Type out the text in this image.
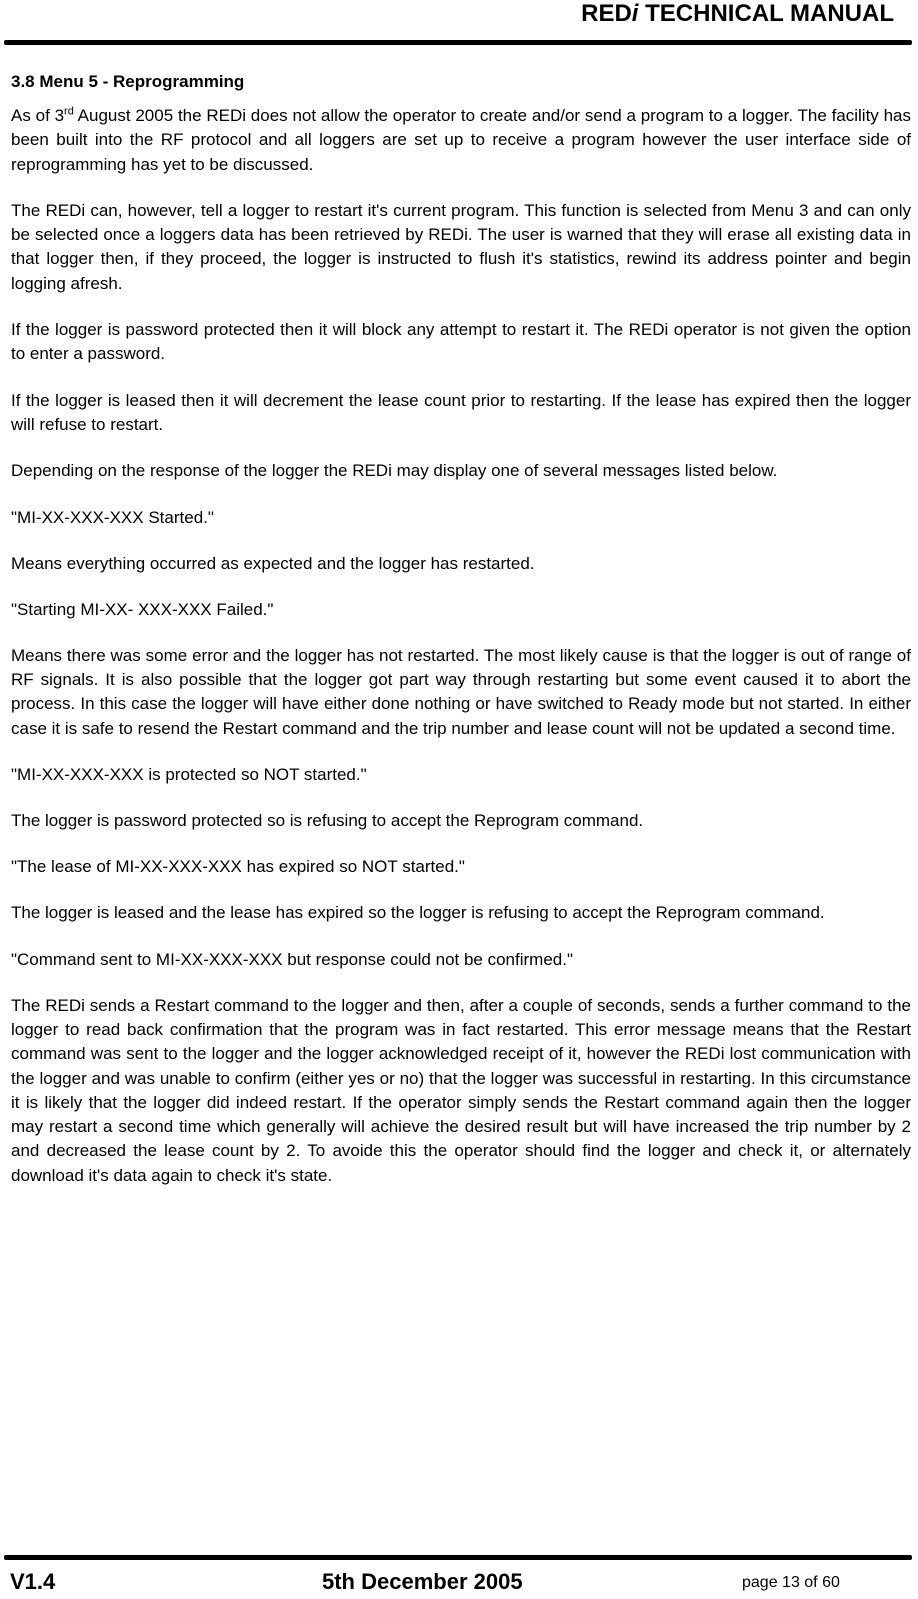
REDi TECHNICAL MANUAL
3.8 Menu 5 - Reprogramming

As of 3rd August 2005 the REDi does not allow the operator to create and/or send a program to a logger. The facility has been built into the RF protocol and all loggers are set up to receive a program however the user interface side of reprogramming has yet to be discussed.

The REDi can, however, tell a logger to restart it's current program. This function is selected from Menu 3 and can only be selected once a loggers data has been retrieved by REDi. The user is warned that they will erase all existing data in that logger then, if they proceed, the logger is instructed to flush it's statistics, rewind its address pointer and begin logging afresh.

If the logger is password protected then it will block any attempt to restart it. The REDi operator is not given the option to enter a password.

If the logger is leased then it will decrement the lease count prior to restarting. If the lease has expired then the logger will refuse to restart.

Depending on the response of the logger the REDi may display one of several messages listed below.

"MI-XX-XXX-XXX Started."

Means everything occurred as expected and the logger has restarted.

"Starting MI-XX- XXX-XXX Failed."

Means there was some error and the logger has not restarted. The most likely cause is that the logger is out of range of RF signals. It is also possible that the logger got part way through restarting but some event caused it to abort the process. In this case the logger will have either done nothing or have switched to Ready mode but not started. In either case it is safe to resend the Restart command and the trip number and lease count will not be updated a second time.

"MI-XX-XXX-XXX is protected so NOT started."

The logger is password protected so is refusing to accept the Reprogram command.

"The lease of MI-XX-XXX-XXX has expired so NOT started."

The logger is leased and the lease has expired so the logger is refusing to accept the Reprogram command.

"Command sent to MI-XX-XXX-XXX but response could not be confirmed."

The REDi sends a Restart command to the logger and then, after a couple of seconds, sends a further command to the logger to read back confirmation that the program was in fact restarted. This error message means that the Restart command was sent to the logger and the logger acknowledged receipt of it, however the REDi lost communication with the logger and was unable to confirm (either yes or no) that the logger was successful in restarting. In this circumstance it is likely that the logger did indeed restart. If the operator simply sends the Restart command again then the logger may restart a second time which generally will achieve the desired result but will have increased the trip number by 2 and decreased the lease count by 2. To avoide this the operator should find the logger and check it, or alternately download it's data again to check it's state.

V1.4	5th December 2005	page 13 of 60
